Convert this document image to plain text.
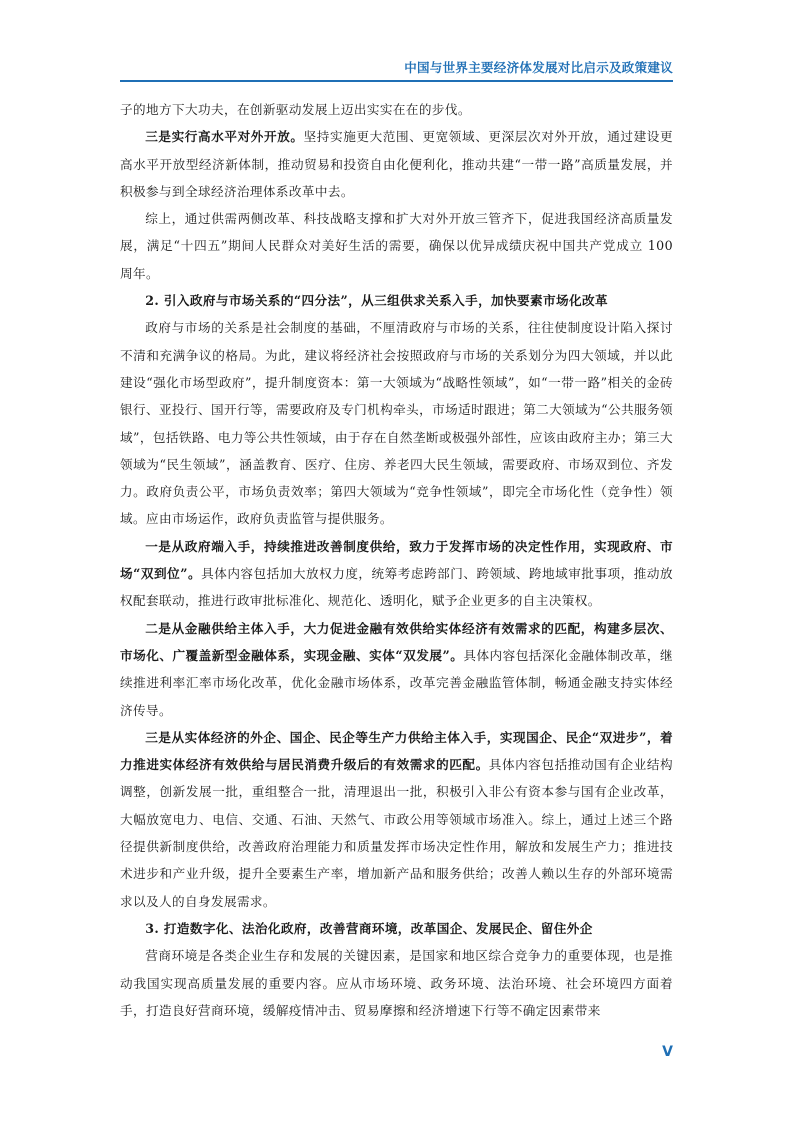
中国与世界主要经济体发展对比启示及政策建议

子的地方下大功夫，在创新驱动发展上迈出实实在在的步伐。

三是实行高水平对外开放。坚持实施更大范围、更宽领域、更深层次对外开放，通过建设更高水平开放型经济新体制，推动贸易和投资自由化便利化，推动共建“一带一路”高质量发展，并积极参与到全球经济治理体系改革中去。

综上，通过供需两侧改革、科技战略支撑和扩大对外开放三管齐下，促进我国经济高质量发展，满足“十四五”期间人民群众对美好生活的需要，确保以优异成绩庆祝中国共产党成立 100 周年。

2. 引入政府与市场关系的“四分法”，从三组供求关系入手，加快要素市场化改革

政府与市场的关系是社会制度的基础，不厘清政府与市场的关系，往往使制度设计陷入探讨不清和充满争议的格局。为此，建议将经济社会按照政府与市场的关系划分为四大领域，并以此建设“强化市场型政府”，提升制度资本：第一大领域为“战略性领域”，如“一带一路”相关的金砖银行、亚投行、国开行等，需要政府及专门机构牵头，市场适时跟进；第二大领域为“公共服务领域”，包括铁路、电力等公共性领域，由于存在自然垄断或极强外部性，应该由政府主办；第三大领域为“民生领域”，涵盖教育、医疗、住房、养老四大民生领域，需要政府、市场双到位、齐发力。政府负责公平，市场负责效率；第四大领域为“竞争性领域”，即完全市场化性（竞争性）领域。应由市场运作，政府负责监管与提供服务。

一是从政府端入手，持续推进改善制度供给，致力于发挥市场的决定性作用，实现政府、市场“双到位”。具体内容包括加大放权力度，统筹考虑跨部门、跨领域、跨地域审批事项，推动放权配套联动，推进行政审批标准化、规范化、透明化，赋予企业更多的自主决策权。

二是从金融供给主体入手，大力促进金融有效供给实体经济有效需求的匹配，构建多层次、市场化、广覆盖新型金融体系，实现金融、实体“双发展”。具体内容包括深化金融体制改革，继续推进利率汇率市场化改革，优化金融市场体系，改革完善金融监管体制，畅通金融支持实体经济传导。

三是从实体经济的外企、国企、民企等生产力供给主体入手，实现国企、民企“双进步”，着力推进实体经济有效供给与居民消费升级后的有效需求的匹配。具体内容包括推动国有企业结构调整，创新发展一批，重组整合一批，清理退出一批，积极引入非公有资本参与国有企业改革，大幅放宽电力、电信、交通、石油、天然气、市政公用等领域市场准入。综上，通过上述三个路径提供新制度供给，改善政府治理能力和质量发挥市场决定性作用，解放和发展生产力；推进技术进步和产业升级，提升全要素生产率，增加新产品和服务供给；改善人赖以生存的外部环境需求以及人的自身发展需求。

3. 打造数字化、法治化政府，改善营商环境，改革国企、发展民企、留住外企

营商环境是各类企业生存和发展的关键因素，是国家和地区综合竞争力的重要体现，也是推动我国实现高质量发展的重要内容。应从市场环境、政务环境、法治环境、社会环境四方面着手，打造良好营商环境，缓解疫情冲击、贸易摩擦和经济增速下行等不确定因素带来

V
